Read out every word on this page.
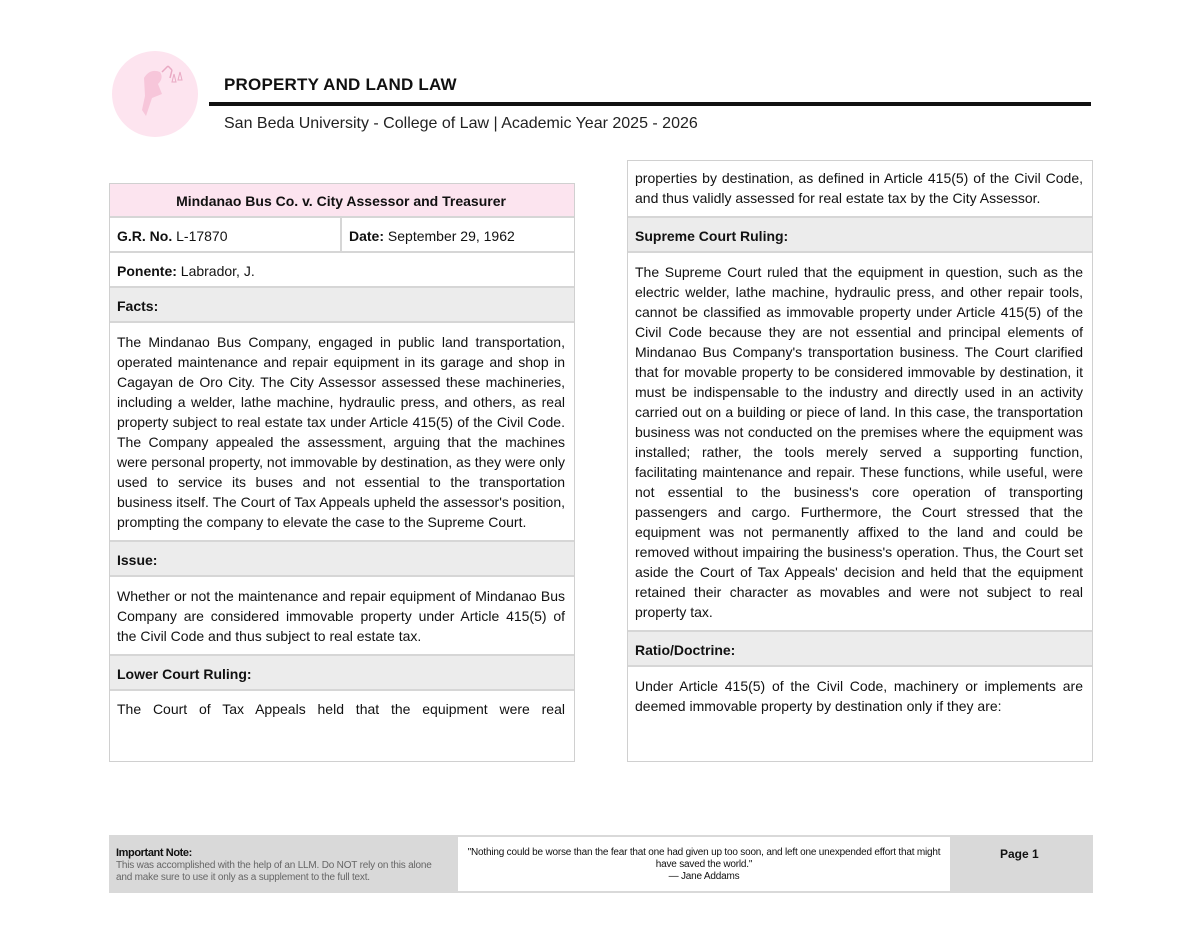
PROPERTY AND LAND LAW
San Beda University - College of Law | Academic Year 2025 - 2026
Mindanao Bus Co. v. City Assessor and Treasurer
G.R. No. L-17870	Date: September 29, 1962
Ponente: Labrador, J.
Facts:
The Mindanao Bus Company, engaged in public land transportation, operated maintenance and repair equipment in its garage and shop in Cagayan de Oro City. The City Assessor assessed these machineries, including a welder, lathe machine, hydraulic press, and others, as real property subject to real estate tax under Article 415(5) of the Civil Code. The Company appealed the assessment, arguing that the machines were personal property, not immovable by destination, as they were only used to service its buses and not essential to the transportation business itself. The Court of Tax Appeals upheld the assessor's position, prompting the company to elevate the case to the Supreme Court.
Issue:
Whether or not the maintenance and repair equipment of Mindanao Bus Company are considered immovable property under Article 415(5) of the Civil Code and thus subject to real estate tax.
Lower Court Ruling:
The Court of Tax Appeals held that the equipment were real
properties by destination, as defined in Article 415(5) of the Civil Code, and thus validly assessed for real estate tax by the City Assessor.
Supreme Court Ruling:
The Supreme Court ruled that the equipment in question, such as the electric welder, lathe machine, hydraulic press, and other repair tools, cannot be classified as immovable property under Article 415(5) of the Civil Code because they are not essential and principal elements of Mindanao Bus Company's transportation business. The Court clarified that for movable property to be considered immovable by destination, it must be indispensable to the industry and directly used in an activity carried out on a building or piece of land. In this case, the transportation business was not conducted on the premises where the equipment was installed; rather, the tools merely served a supporting function, facilitating maintenance and repair. These functions, while useful, were not essential to the business's core operation of transporting passengers and cargo. Furthermore, the Court stressed that the equipment was not permanently affixed to the land and could be removed without impairing the business's operation. Thus, the Court set aside the Court of Tax Appeals' decision and held that the equipment retained their character as movables and were not subject to real property tax.
Ratio/Doctrine:
Under Article 415(5) of the Civil Code, machinery or implements are deemed immovable property by destination only if they are:
Important Note:
This was accomplished with the help of an LLM. Do NOT rely on this alone and make sure to use it only as a supplement to the full text.
"Nothing could be worse than the fear that one had given up too soon, and left one unexpended effort that might have saved the world."
— Jane Addams
Page 1
